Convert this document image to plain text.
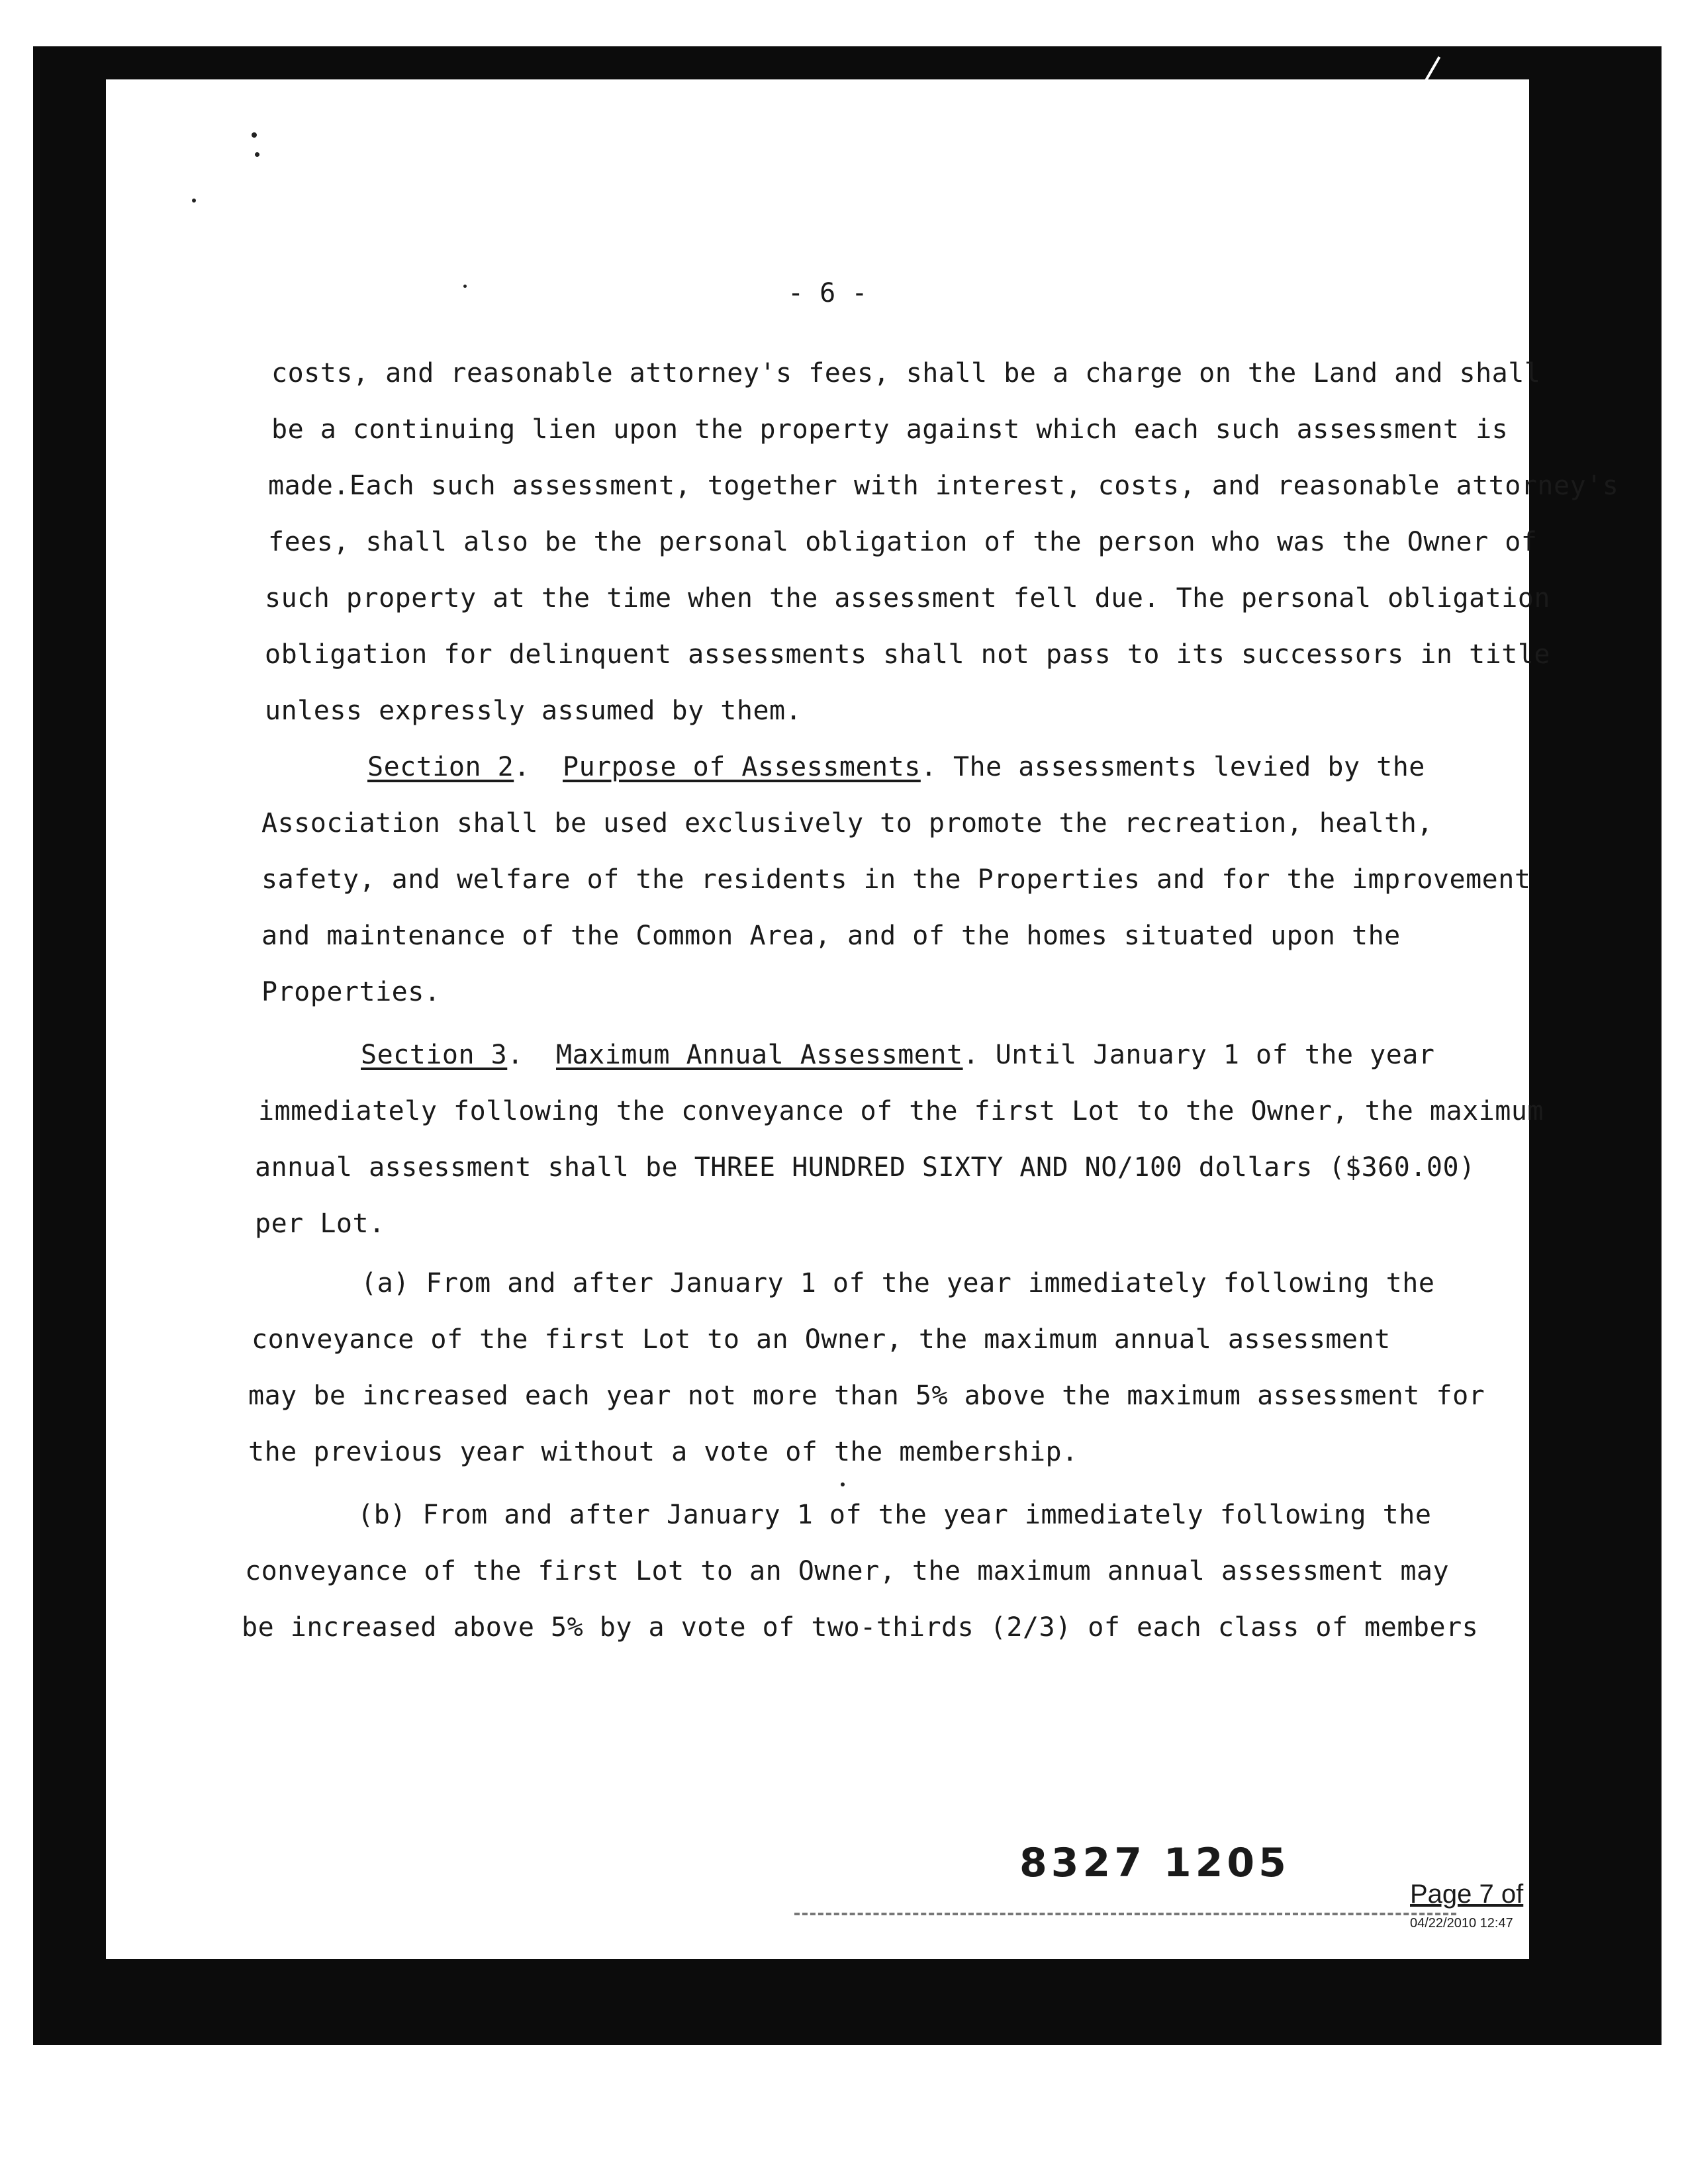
- 6 -
costs, and reasonable attorney's fees, shall be a charge on the Land and shall
be a continuing lien upon the property against which each such assessment is
made.Each such assessment, together with interest, costs, and reasonable attorney's
fees, shall also be the personal obligation of the person who was the Owner of
such property at the time when the assessment fell due. The personal obligation
obligation for delinquent assessments shall not pass to its successors in title
unless expressly assumed by them.
Section 2.  Purpose of Assessments. The assessments levied by the
Association shall be used exclusively to promote the recreation, health,
safety, and welfare of the residents in the Properties and for the improvement
and maintenance of the Common Area, and of the homes situated upon the
Properties.
Section 3.  Maximum Annual Assessment. Until January 1 of the year
immediately following the conveyance of the first Lot to the Owner, the maximum
annual assessment shall be THREE HUNDRED SIXTY AND NO/100 dollars ($360.00)
per Lot.
(a) From and after January 1 of the year immediately following the
conveyance of the first Lot to an Owner, the maximum annual assessment
may be increased each year not more than 5% above the maximum assessment for
the previous year without a vote of the membership.
(b) From and after January 1 of the year immediately following the
conveyance of the first Lot to an Owner, the maximum annual assessment may
be increased above 5% by a vote of two-thirds (2/3) of each class of members
8327 1205
Page 7 of
04/22/2010 12:47
